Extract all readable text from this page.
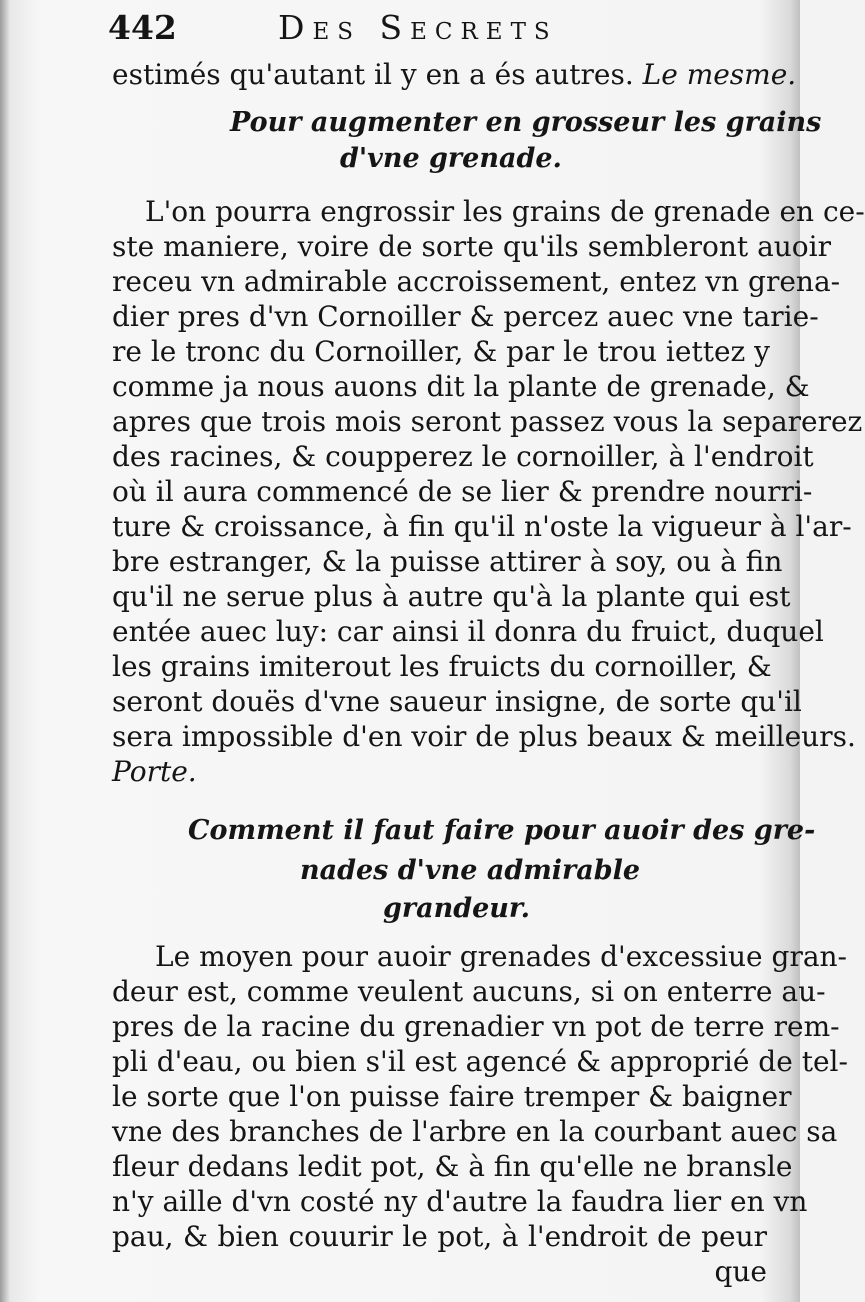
442	Des Secrets
estimés qu'autant il y en a és autres. Le mesme.
Pour augmenter en grosseur les grains
d'vne grenade.
L'on pourra engrossir les grains de grenade en ce-
ste maniere, voire de sorte qu'ils sembleront auoir
receu vn admirable accroissement, entez vn grena-
dier pres d'vn Cornoiller & percez auec vne tarie-
re le tronc du Cornoiller, & par le trou iettez y
comme ja nous auons dit la plante de grenade, &
apres que trois mois seront passez vous la separerez
des racines, & coupperez le cornoiller, à l'endroit
où il aura commencé de se lier & prendre nourri-
ture & croissance, à fin qu'il n'oste la vigueur à l'ar-
bre estranger, & la puisse attirer à soy, ou à fin
qu'il ne serue plus à autre qu'à la plante qui est
entée auec luy: car ainsi il donra du fruict, duquel
les grains imiterout les fruicts du cornoiller, &
seront douës d'vne saueur insigne, de sorte qu'il
sera impossible d'en voir de plus beaux & meilleurs.
Porte.
Comment il faut faire pour auoir des gre-
nades d'vne admirable
grandeur.
Le moyen pour auoir grenades d'excessiue gran-
deur est, comme veulent aucuns, si on enterre au-
pres de la racine du grenadier vn pot de terre rem-
pli d'eau, ou bien s'il est agencé & approprié de tel-
le sorte que l'on puisse faire tremper & baigner
vne des branches de l'arbre en la courbant auec sa
fleur dedans ledit pot, & à fin qu'elle ne bransle
n'y aille d'vn costé ny d'autre la faudra lier en vn
pau, & bien couurir le pot, à l'endroit de peur
que
